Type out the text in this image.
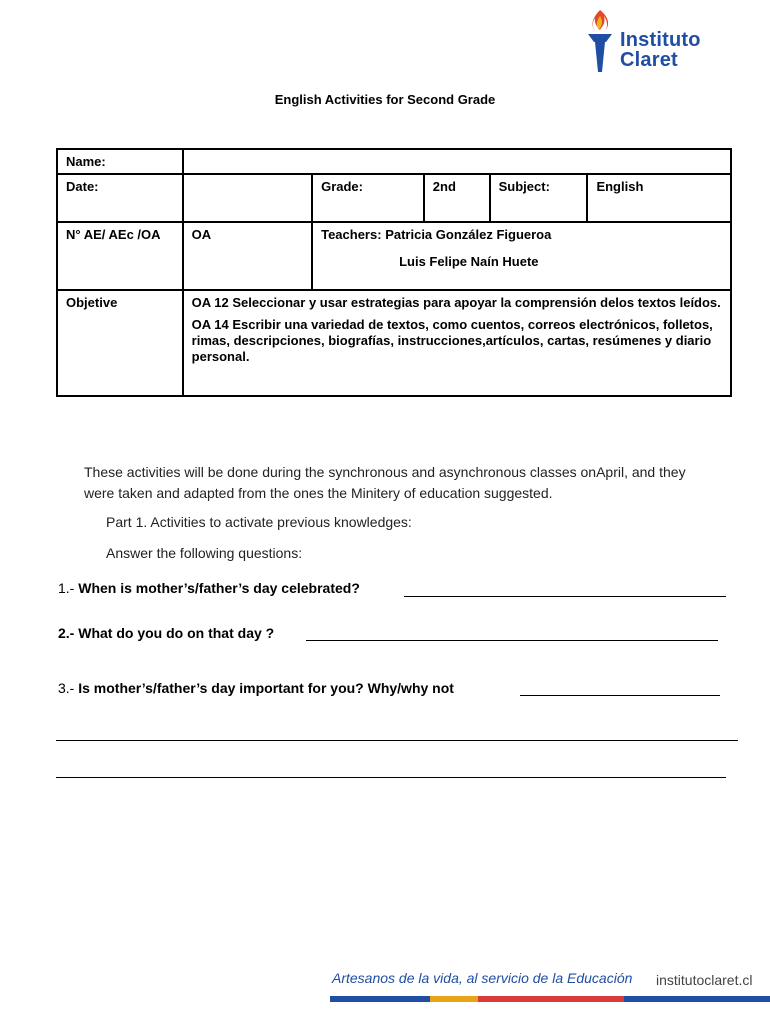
Instituto
Claret
English Activities for Second Grade
Name:					
Date:		Grade:	2nd	Subject:	English
N° AE/ AEc /OA	OA	Teachers: Patricia González Figueroa
Luis Felipe Naín Huete			

Objetive	OA 12 Seleccionar y usar estrategias para apoyar la comprensión delos textos leídos.

OA 14 Escribir una variedad de textos, como cuentos, correos electrónicos, folletos, rimas, descripciones, biografías, instrucciones,artículos, cartas, resúmenes y diario personal.				

These activities will be done during the synchronous and asynchronous classes onApril, and they were taken and adapted from the ones the Minitery of education suggested.
Part 1. Activities to activate previous knowledges:
Answer the following questions:
1.- When is mother’s/father’s day celebrated?
2.- What do you do on that day ?
3.- Is mother’s/father’s day important for you? Why/why not
Artesanos de la vida, al servicio de la Educación institutoclaret.cl
